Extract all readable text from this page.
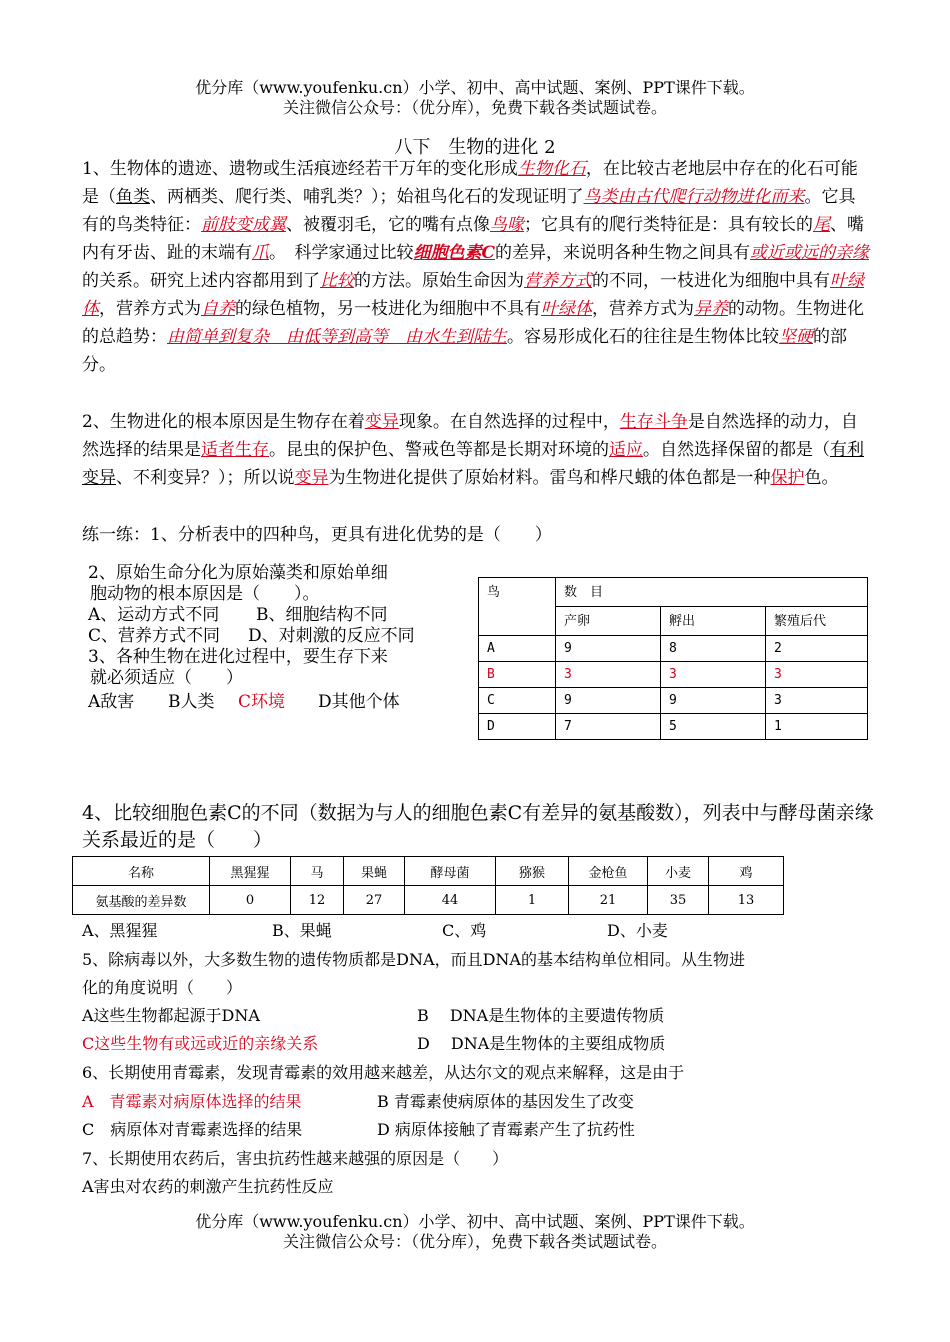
优分库（www.youfenku.cn）小学、初中、高中试题、案例、PPT课件下载。
关注微信公众号：（优分库），免费下载各类试题试卷。
八下　生物的进化 2
1、生物体的遗迹、遗物或生活痕迹经若干万年的变化形成生物化石，在比较古老地层中存在的化石可能是（鱼类、两栖类、爬行类、哺乳类？）；始祖鸟化石的发现证明了鸟类由古代爬行动物进化而来。它具有的鸟类特征：前肢变成翼、被覆羽毛，它的嘴有点像鸟喙；它具有的爬行类特征是：具有较长的尾、嘴内有牙齿、趾的末端有爪。　科学家通过比较细胞色素C的差异，来说明各种生物之间具有或近或远的亲缘的关系。研究上述内容都用到了比较的方法。原始生命因为营养方式的不同，一枝进化为细胞中具有叶绿体，营养方式为自养的绿色植物，另一枝进化为细胞中不具有叶绿体，营养方式为异养的动物。生物进化的总趋势：由简单到复杂　由低等到高等　由水生到陆生。容易形成化石的往往是生物体比较坚硬的部分。
2、生物进化的根本原因是生物存在着变异现象。在自然选择的过程中，生存斗争是自然选择的动力，自然选择的结果是适者生存。昆虫的保护色、警戒色等都是长期对环境的适应。自然选择保留的都是（有利变异、不利变异？）；所以说变异为生物进化提供了原始材料。雷鸟和桦尺蛾的体色都是一种保护色。
练一练：1、分析表中的四种鸟，更具有进化优势的是（　　）
2、原始生命分化为原始藻类和原始单细
胞动物的根本原因是（　　）。
A、运动方式不同 B、细胞结构不同
C、营养方式不同 D、对刺激的反应不同
3、各种生物在进化过程中，要生存下来
就必须适应（　　）
A敌害 B人类 C环境 D其他个体
鸟	数　目		
	产卵	孵出	繁殖后代
A	9	8	2
B	3	3	3
C	9	9	3
D	7	5	1
4、比较细胞色素C的不同（数据为与人的细胞色素C有差异的氨基酸数），列表中与酵母菌亲缘关系最近的是（　　）
名称	黑猩猩	马	果蝇	酵母菌	猕猴	金枪鱼	小麦	鸡
氨基酸的差异数	0	12	27	44	1	21	35	13
A、黑猩猩	B、果蝇	C、鸡	D、小麦
5、除病毒以外，大多数生物的遗传物质都是DNA，而且DNA的基本结构单位相同。从生物进
化的角度说明（　　）
A这些生物都起源于DNA	B　 DNA是生物体的主要遗传物质
C这些生物有或远或近的亲缘关系	D　 DNA是生物体的主要组成物质
6、长期使用青霉素，发现青霉素的效用越来越差，从达尔文的观点来解释，这是由于
A　青霉素对病原体选择的结果	B 青霉素使病原体的基因发生了改变
C　病原体对青霉素选择的结果	D 病原体接触了青霉素产生了抗药性
7、长期使用农药后，害虫抗药性越来越强的原因是（　　）
A害虫对农药的刺激产生抗药性反应
优分库（www.youfenku.cn）小学、初中、高中试题、案例、PPT课件下载。
关注微信公众号：（优分库），免费下载各类试题试卷。
